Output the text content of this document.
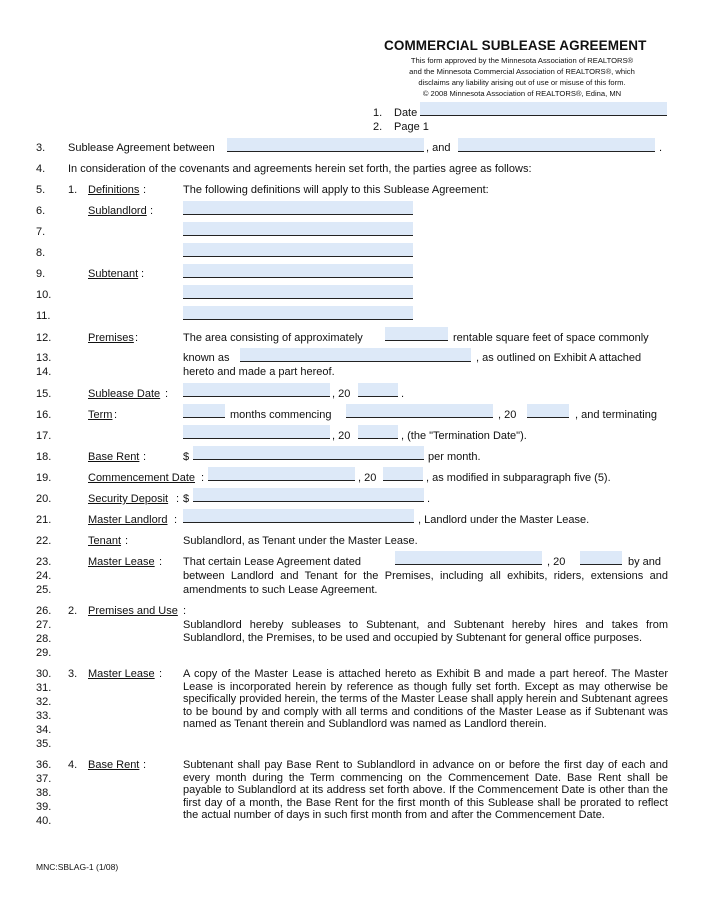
COMMERCIAL SUBLEASE AGREEMENT
This form approved by the Minnesota Association of REALTORS®
and the Minnesota Commercial Association of REALTORS®, which
disclaims any liability arising out of use or misuse of this form.
© 2008 Minnesota Association of REALTORS®, Edina, MN
1. Date
2. Page 1
3.
4.
5.
6.
7.
8.
9.
10.
11.
12.
13.
14.
15.
16.
17.
18.
19.
20.
21.
22.
23.
24.
25.
26.
27.
28.
29.
30.
31.
32.
33.
34.
35.
36.
37.
38.
39.
40.
Sublease Agreement between	, and	.
In consideration of the covenants and agreements herein set forth, the parties agree as follows:
1. Definitions :	The following definitions will apply to this Sublease Agreement:
Sublandlord :
Subtenant :
Premises :	The area consisting of approximately	rentable square feet of space commonly
known as	, as outlined on Exhibit A attached
hereto and made a part hereof.
Sublease Date :	, 20	.
Term :	months commencing	, 20	, and terminating
, 20	, (the "Termination Date").
Base Rent :	$	per month.
Commencement Date :	, 20	, as modified in subparagraph five (5).
Security Deposit : $	.
Master Landlord :	, Landlord under the Master Lease.
Tenant :	Sublandlord, as Tenant under the Master Lease.
Master Lease : That certain Lease Agreement dated	, 20	by and
between Landlord and Tenant for the Premises, including all exhibits, riders, extensions and
amendments to such Lease Agreement.
2. Premises and Use :
Sublandlord hereby subleases to Subtenant, and Subtenant hereby hires and takes from Sublandlord, the Premises, to be used and occupied by Subtenant for general office purposes.
3. Master Lease : A copy of the Master Lease is attached hereto as Exhibit B and made a part hereof. The Master Lease is incorporated herein by reference as though fully set forth. Except as may otherwise be specifically provided herein, the terms of the Master Lease shall apply herein and Subtenant agrees to be bound by and comply with all terms and conditions of the Master Lease as if Subtenant was named as Tenant therein and Sublandlord was named as Landlord therein.
4. Base Rent :	Subtenant shall pay Base Rent to Sublandlord in advance on or before the first day of each and every month during the Term commencing on the Commencement Date. Base Rent shall be payable to Sublandlord at its address set forth above. If the Commencement Date is other than the first day of a month, the Base Rent for the first month of this Sublease shall be prorated to reflect the actual number of days in such first month from and after the Commencement Date.
MNC:SBLAG-1 (1/08)
